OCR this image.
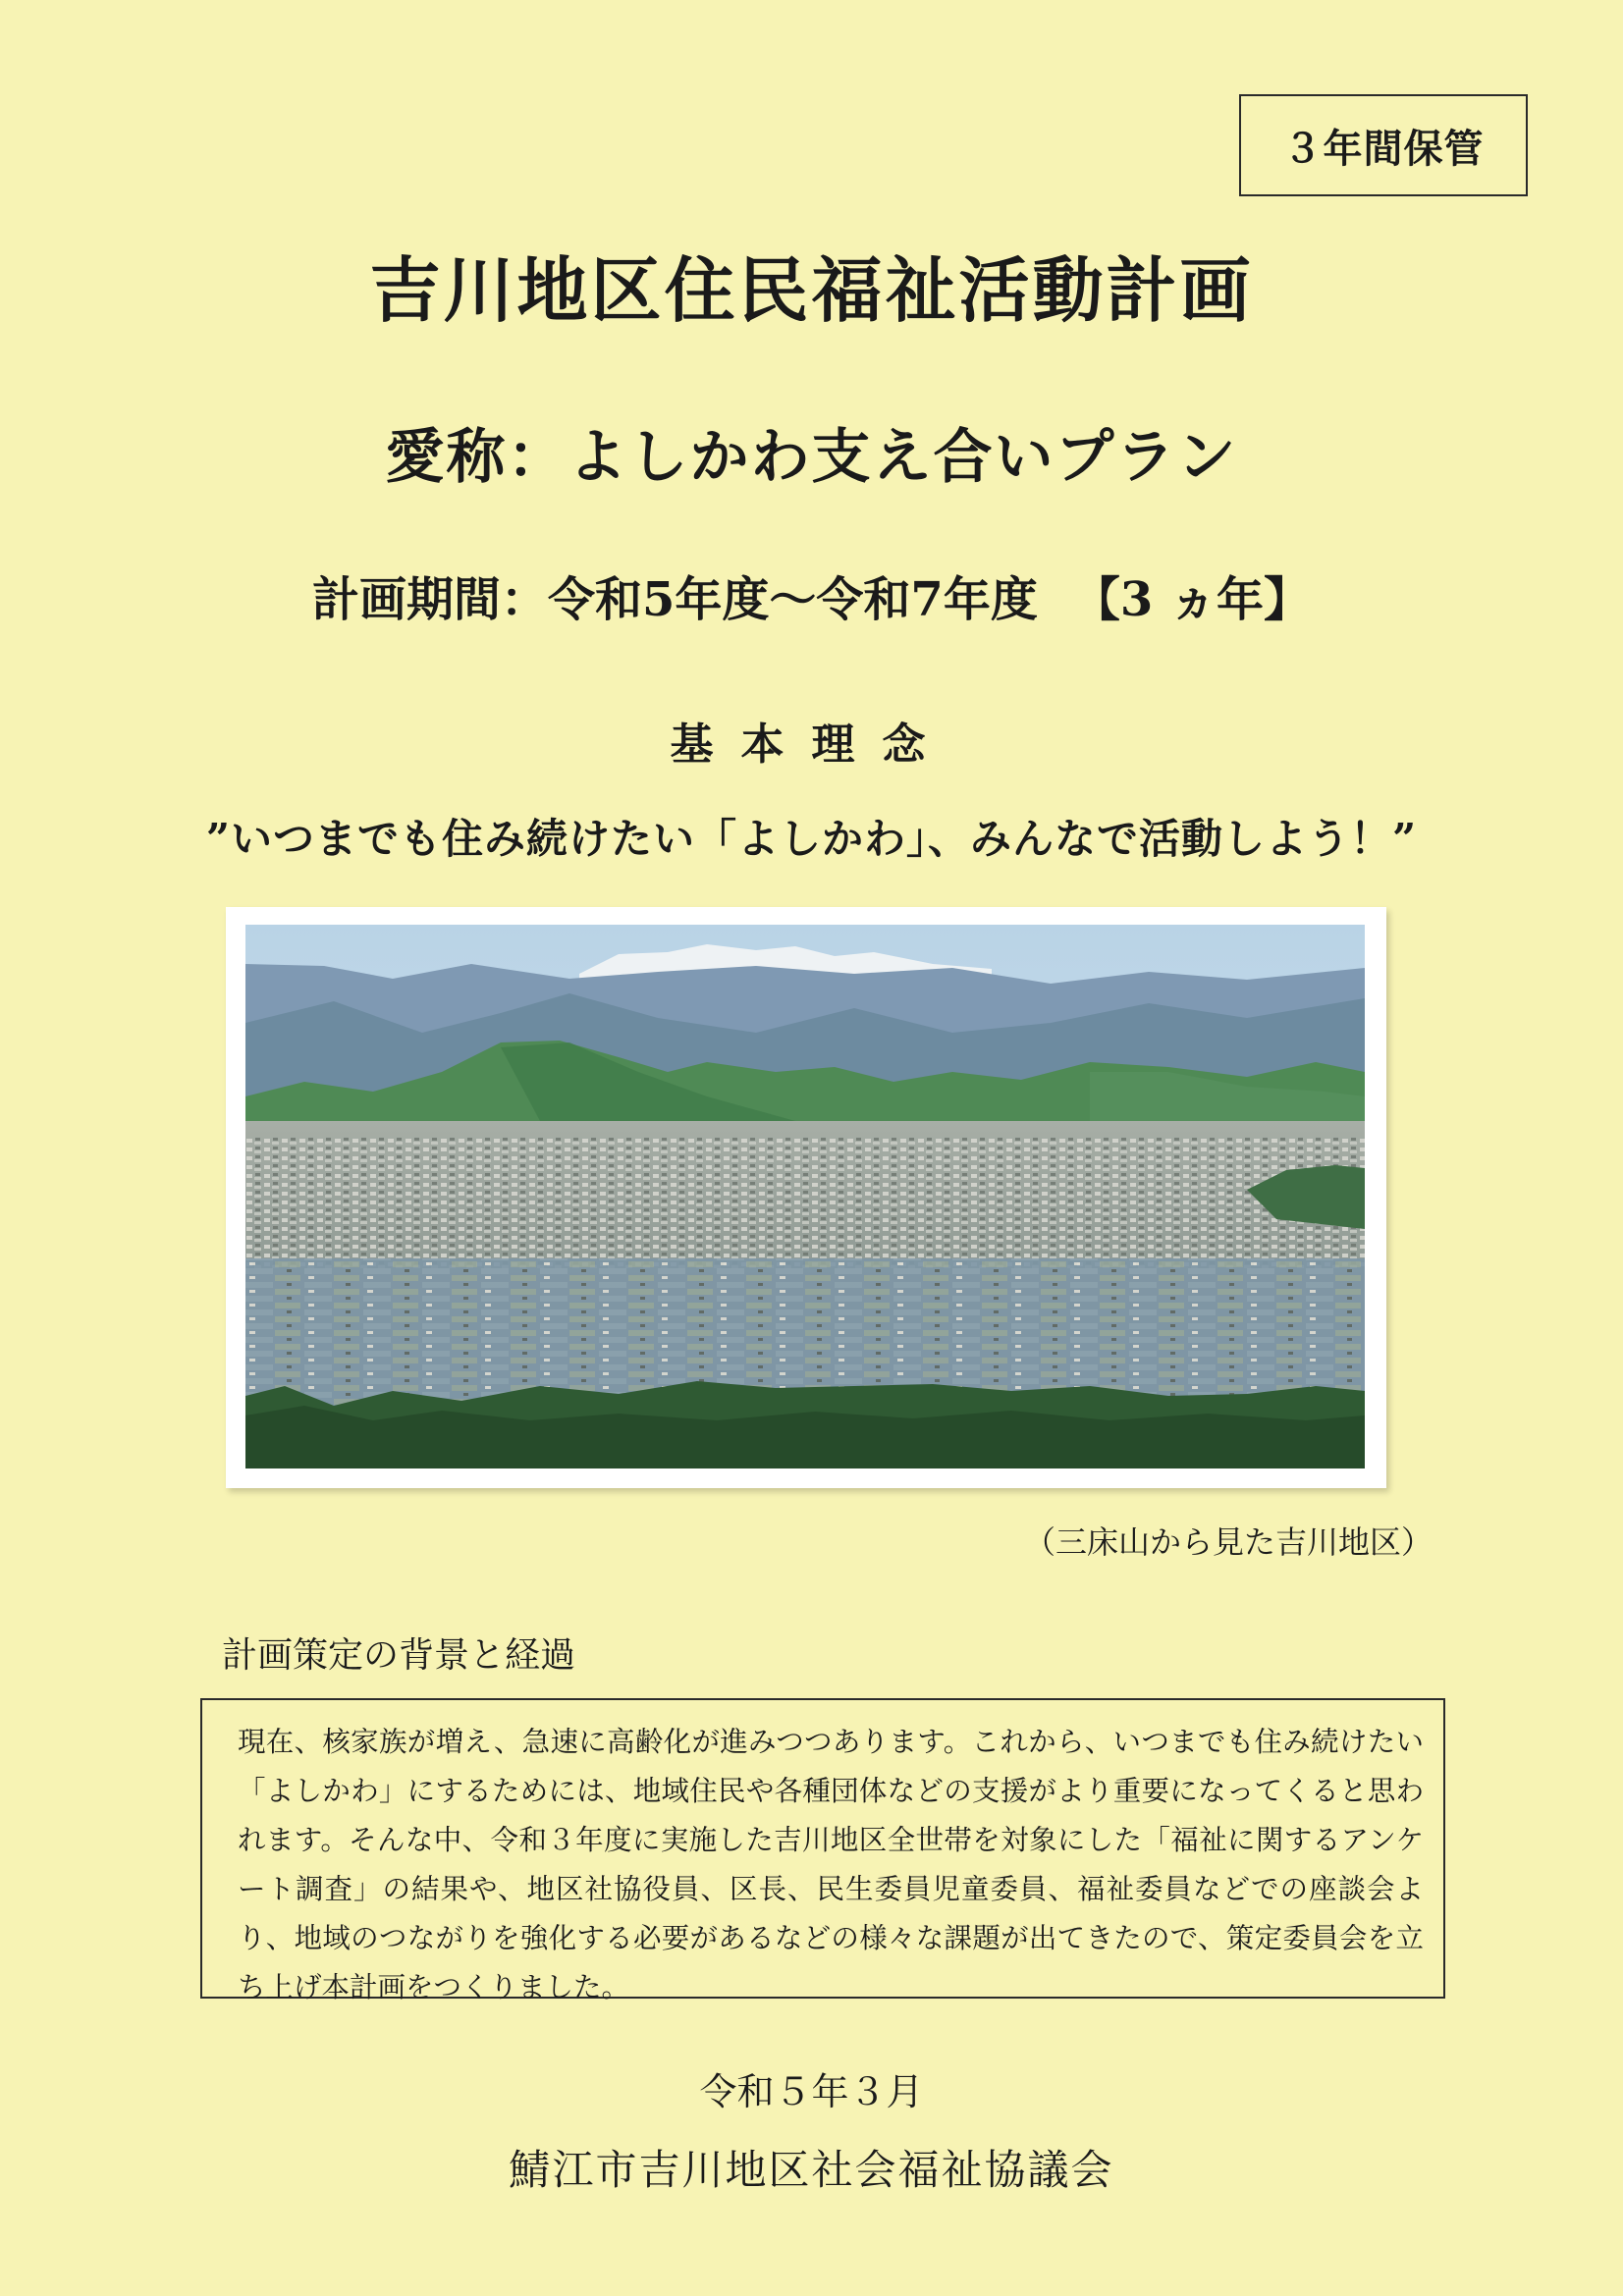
３年間保管
吉川地区住民福祉活動計画
愛称：よしかわ支え合いプラン
計画期間：令和5年度～令和7年度 【3 ヵ年】
基本理念
”いつまでも住み続けたい「よしかわ」、みんなで活動しよう！”
（三床山から見た吉川地区）
計画策定の背景と経過
現在、核家族が増え、急速に高齢化が進みつつあります。これから、いつまでも住み続けたい「よしかわ」にするためには、地域住民や各種団体などの支援がより重要になってくると思われます。そんな中、令和３年度に実施した吉川地区全世帯を対象にした「福祉に関するアンケート調査」の結果や、地区社協役員、区長、民生委員児童委員、福祉委員などでの座談会より、地域のつながりを強化する必要があるなどの様々な課題が出てきたので、策定委員会を立ち上げ本計画をつくりました。
令和５年３月
鯖江市吉川地区社会福祉協議会
